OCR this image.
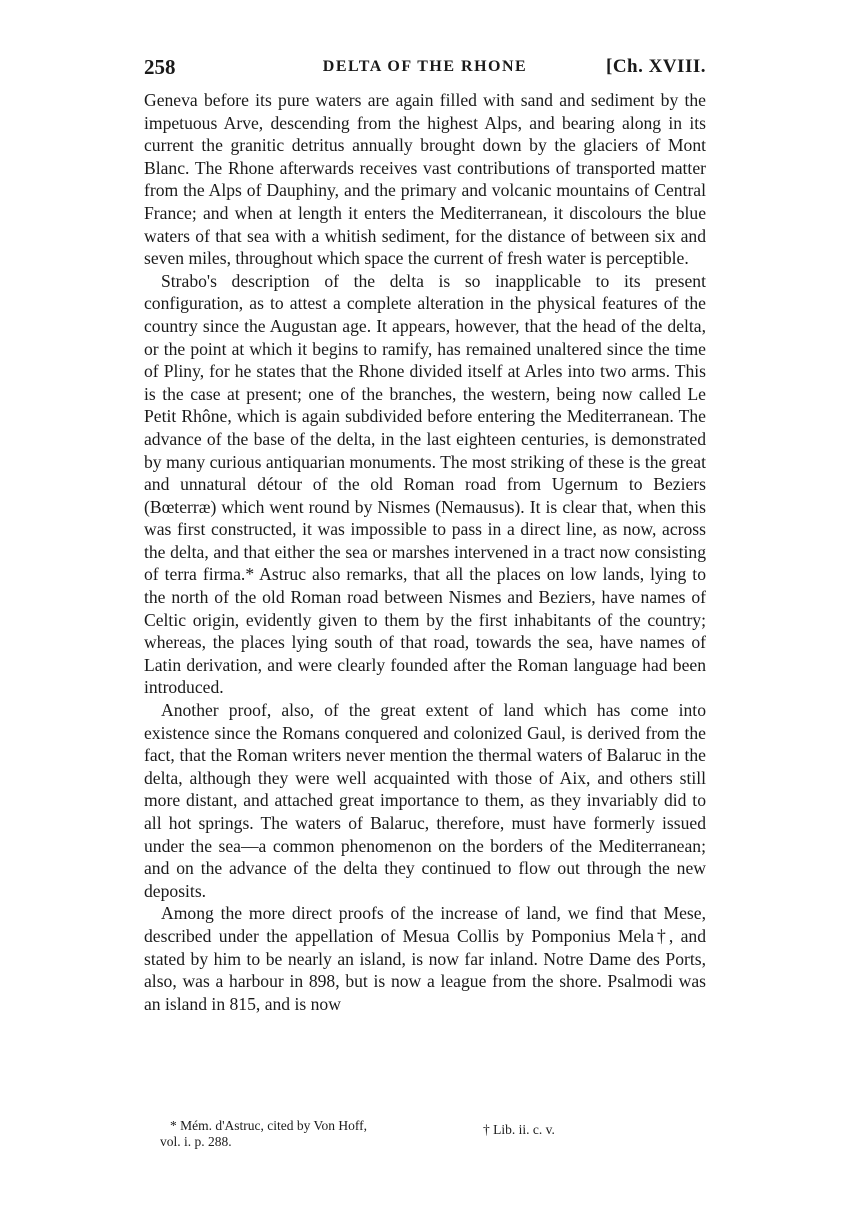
258	DELTA OF THE RHONE	[Ch. XVIII.

Geneva before its pure waters are again filled with sand and sediment by the impetuous Arve, descending from the highest Alps, and bearing along in its current the granitic detritus annually brought down by the glaciers of Mont Blanc. The Rhone afterwards receives vast contributions of transported matter from the Alps of Dauphiny, and the primary and volcanic mountains of Central France; and when at length it enters the Mediterranean, it discolours the blue waters of that sea with a whitish sediment, for the distance of between six and seven miles, throughout which space the current of fresh water is perceptible.

Strabo's description of the delta is so inapplicable to its present configuration, as to attest a complete alteration in the physical features of the country since the Augustan age. It appears, however, that the head of the delta, or the point at which it begins to ramify, has remained unaltered since the time of Pliny, for he states that the Rhone divided itself at Arles into two arms. This is the case at present; one of the branches, the western, being now called Le Petit Rhône, which is again subdivided before entering the Mediterranean. The advance of the base of the delta, in the last eighteen centuries, is demonstrated by many curious antiquarian monuments. The most striking of these is the great and unnatural détour of the old Roman road from Ugernum to Beziers (Bœterræ) which went round by Nismes (Nemausus). It is clear that, when this was first constructed, it was impossible to pass in a direct line, as now, across the delta, and that either the sea or marshes intervened in a tract now consisting of terra firma.* Astruc also remarks, that all the places on low lands, lying to the north of the old Roman road between Nismes and Beziers, have names of Celtic origin, evidently given to them by the first inhabitants of the country; whereas, the places lying south of that road, towards the sea, have names of Latin derivation, and were clearly founded after the Roman language had been introduced.

Another proof, also, of the great extent of land which has come into existence since the Romans conquered and colonized Gaul, is derived from the fact, that the Roman writers never mention the thermal waters of Balaruc in the delta, although they were well acquainted with those of Aix, and others still more distant, and attached great importance to them, as they invariably did to all hot springs. The waters of Balaruc, therefore, must have formerly issued under the sea—a common phenomenon on the borders of the Mediterranean; and on the advance of the delta they continued to flow out through the new deposits.

Among the more direct proofs of the increase of land, we find that Mese, described under the appellation of Mesua Collis by Pomponius Mela†, and stated by him to be nearly an island, is now far inland. Notre Dame des Ports, also, was a harbour in 898, but is now a league from the shore. Psalmodi was an island in 815, and is now

* Mém. d'Astruc, cited by Von Hoff,
vol. i. p. 288.
† Lib. ii. c. v.
